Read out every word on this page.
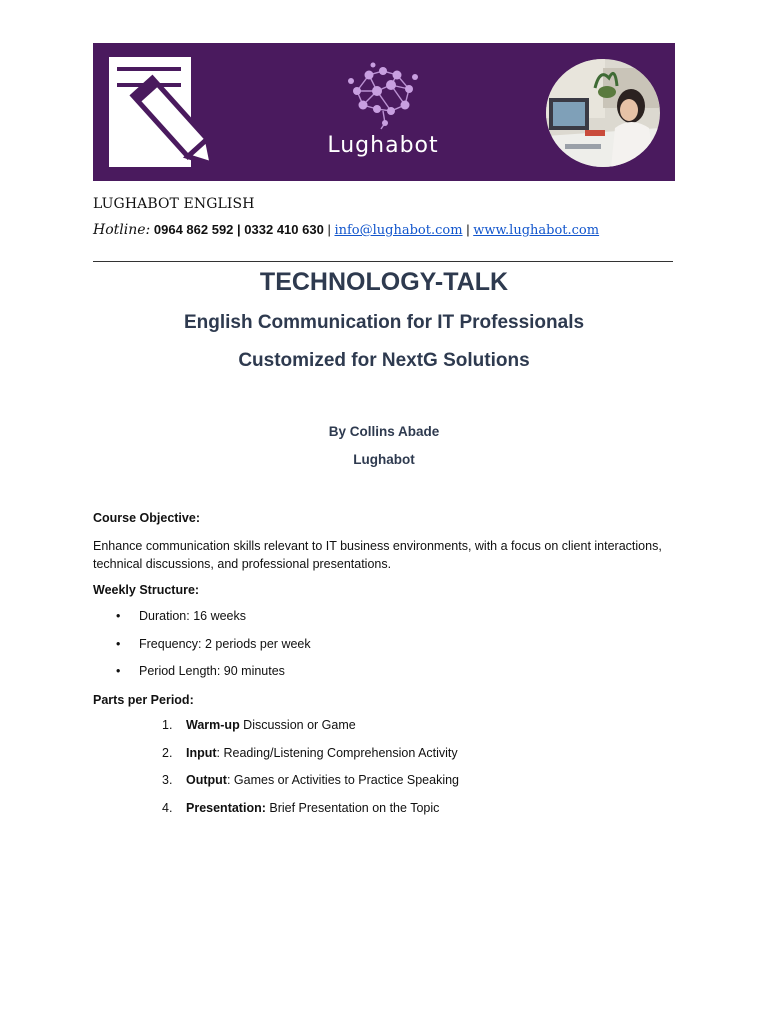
Lughabot
LUGHABOT ENGLISH
Hotline: 0964 862 592 | 0332 410 630 | info@lughabot.com | www.lughabot.com
TECHNOLOGY-TALK
English Communication for IT Professionals
Customized for NextG Solutions
By Collins Abade
Lughabot
Course Objective:
Enhance communication skills relevant to IT business environments, with a focus on client interactions, technical discussions, and professional presentations.
Weekly Structure:
• Duration: 16 weeks
• Frequency: 2 periods per week
• Period Length: 90 minutes
Parts per Period:
1. Warm-up Discussion or Game
2. Input: Reading/Listening Comprehension Activity
3. Output: Games or Activities to Practice Speaking
4. Presentation: Brief Presentation on the Topic
